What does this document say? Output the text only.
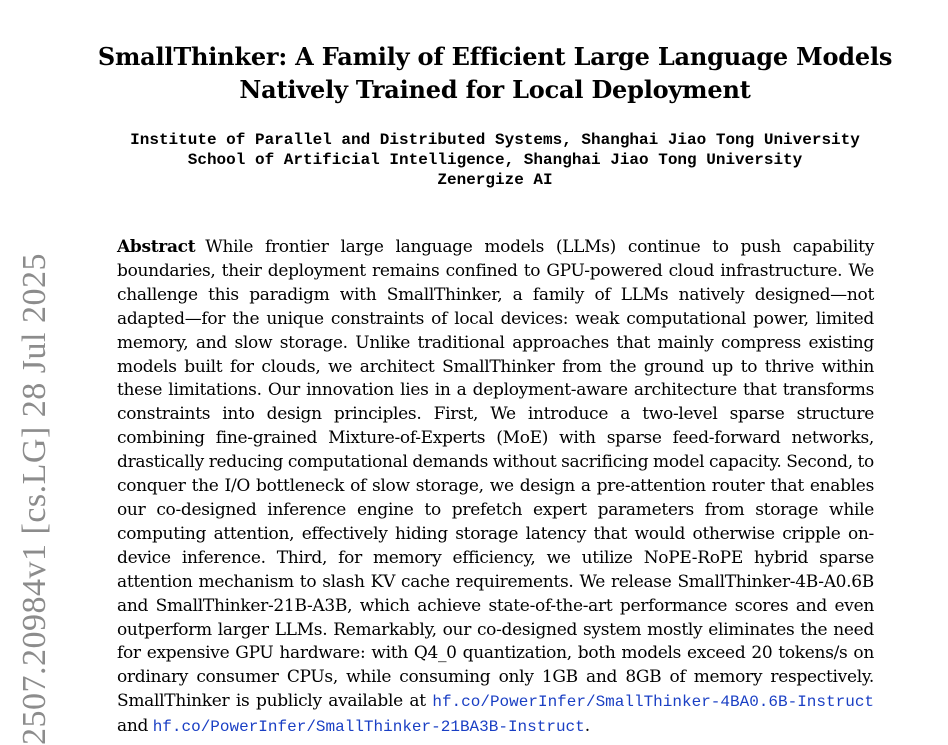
2507.20984v1 [cs.LG] 28 Jul 2025
SmallThinker: A Family of Efficient Large Language Models
Natively Trained for Local Deployment
Institute of Parallel and Distributed Systems, Shanghai Jiao Tong University
School of Artificial Intelligence, Shanghai Jiao Tong University
Zenergize AI
Abstract While frontier large language models (LLMs) continue to push capability boundaries, their deployment remains confined to GPU-powered cloud infrastructure. We challenge this paradigm with SmallThinker, a family of LLMs natively designed—not adapted—for the unique constraints of local devices: weak computational power, limited memory, and slow storage. Unlike traditional approaches that mainly compress existing models built for clouds, we architect SmallThinker from the ground up to thrive within these limitations. Our innovation lies in a deployment-aware architecture that transforms constraints into design principles. First, We introduce a two-level sparse structure combining fine-grained Mixture-of-Experts (MoE) with sparse feed-forward networks, drastically reducing computational demands without sacrificing model capacity. Second, to conquer the I/O bottleneck of slow storage, we design a pre-attention router that enables our co-designed inference engine to prefetch expert parameters from storage while computing attention, effectively hiding storage latency that would otherwise cripple on-device inference. Third, for memory efficiency, we utilize NoPE-RoPE hybrid sparse attention mechanism to slash KV cache requirements. We release SmallThinker-4B-A0.6B and SmallThinker-21B-A3B, which achieve state-of-the-art performance scores and even outperform larger LLMs. Remarkably, our co-designed system mostly eliminates the need for expensive GPU hardware: with Q4_0 quantization, both models exceed 20 tokens/s on ordinary consumer CPUs, while consuming only 1GB and 8GB of memory respectively. SmallThinker is publicly available at hf.co/PowerInfer/SmallThinker-4BA0.6B-Instruct and hf.co/PowerInfer/SmallThinker-21BA3B-Instruct.
